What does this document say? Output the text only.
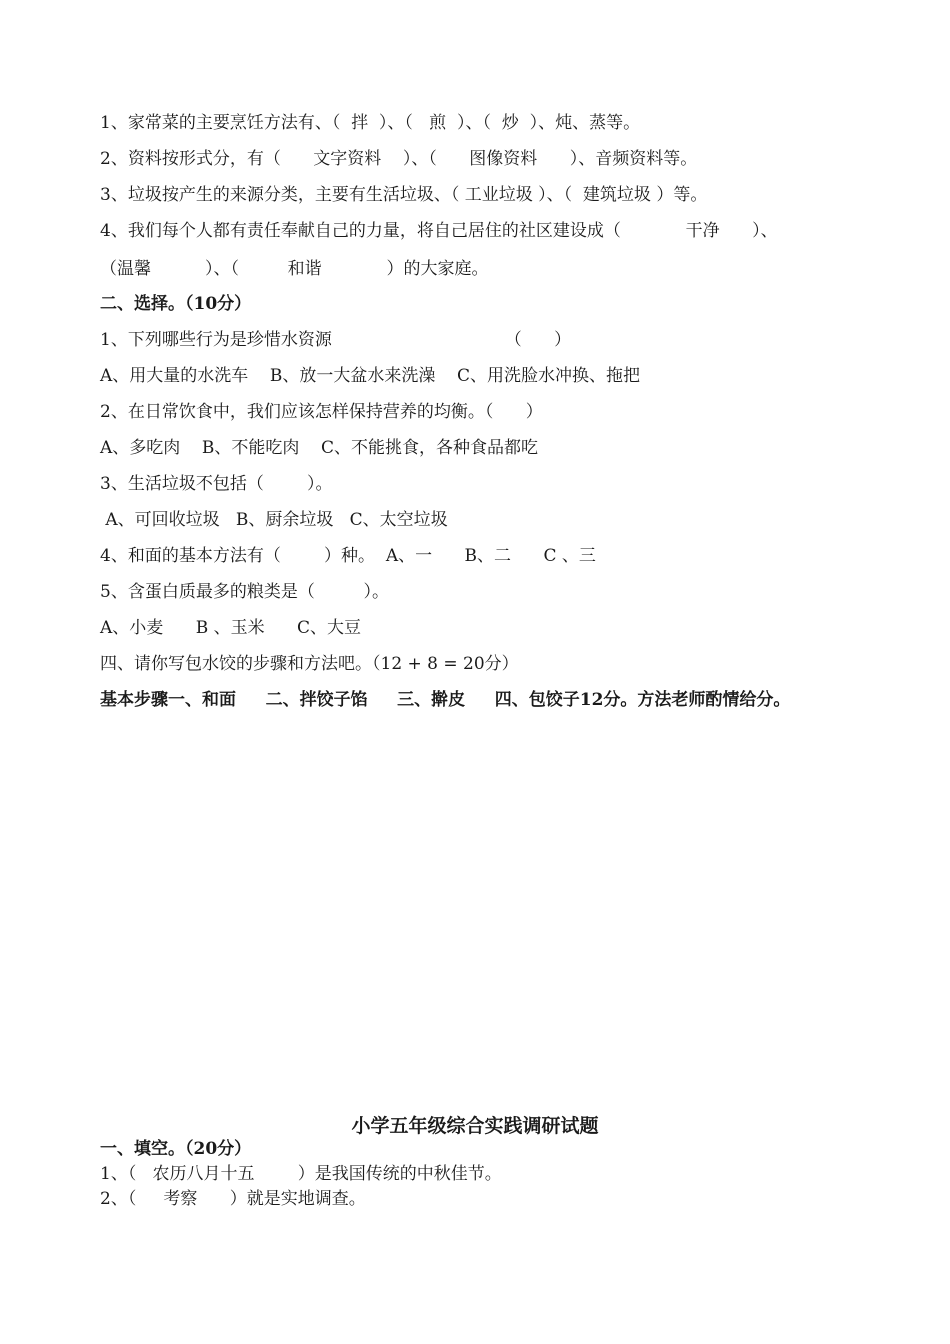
1、家常菜的主要烹饪方法有、（  拌  ）、（   煎  ）、（  炒  ）、炖、蒸等。
2、资料按形式分，有（      文字资料    ）、（      图像资料      ）、音频资料等。
3、垃圾按产生的来源分类，主要有生活垃圾、（ 工业垃圾 ）、（  建筑垃圾 ）等。
4、我们每个人都有责任奉献自己的力量，将自己居住的社区建设成（            干净      ）、
（温馨          ）、（         和谐            ）的大家庭。
二、选择。（10分）
1、下列哪些行为是珍惜水资源                                （      ）
A、用大量的水洗车    B、放一大盆水来洗澡    C、用洗脸水冲换、拖把
2、在日常饮食中，我们应该怎样保持营养的均衡。（      ）
A、多吃肉    B、不能吃肉    C、不能挑食，各种食品都吃
3、生活垃圾不包括（        ）。
A、可回收垃圾   B、厨余垃圾   C、太空垃圾
4、和面的基本方法有（        ）种。  A、一      B、二      C 、三
5、含蛋白质最多的粮类是（         ）。
A、小麦      B 、玉米      C、大豆
四、请你写包水饺的步骤和方法吧。（12 + 8 = 20分）
基本步骤一、和面     二、拌饺子馅     三、擀皮     四、包饺子12分。方法老师酌情给分。
小学五年级综合实践调研试题
一、填空。（20分）
1、（   农历八月十五        ）是我国传统的中秋佳节。
2、（     考察      ）就是实地调查。
